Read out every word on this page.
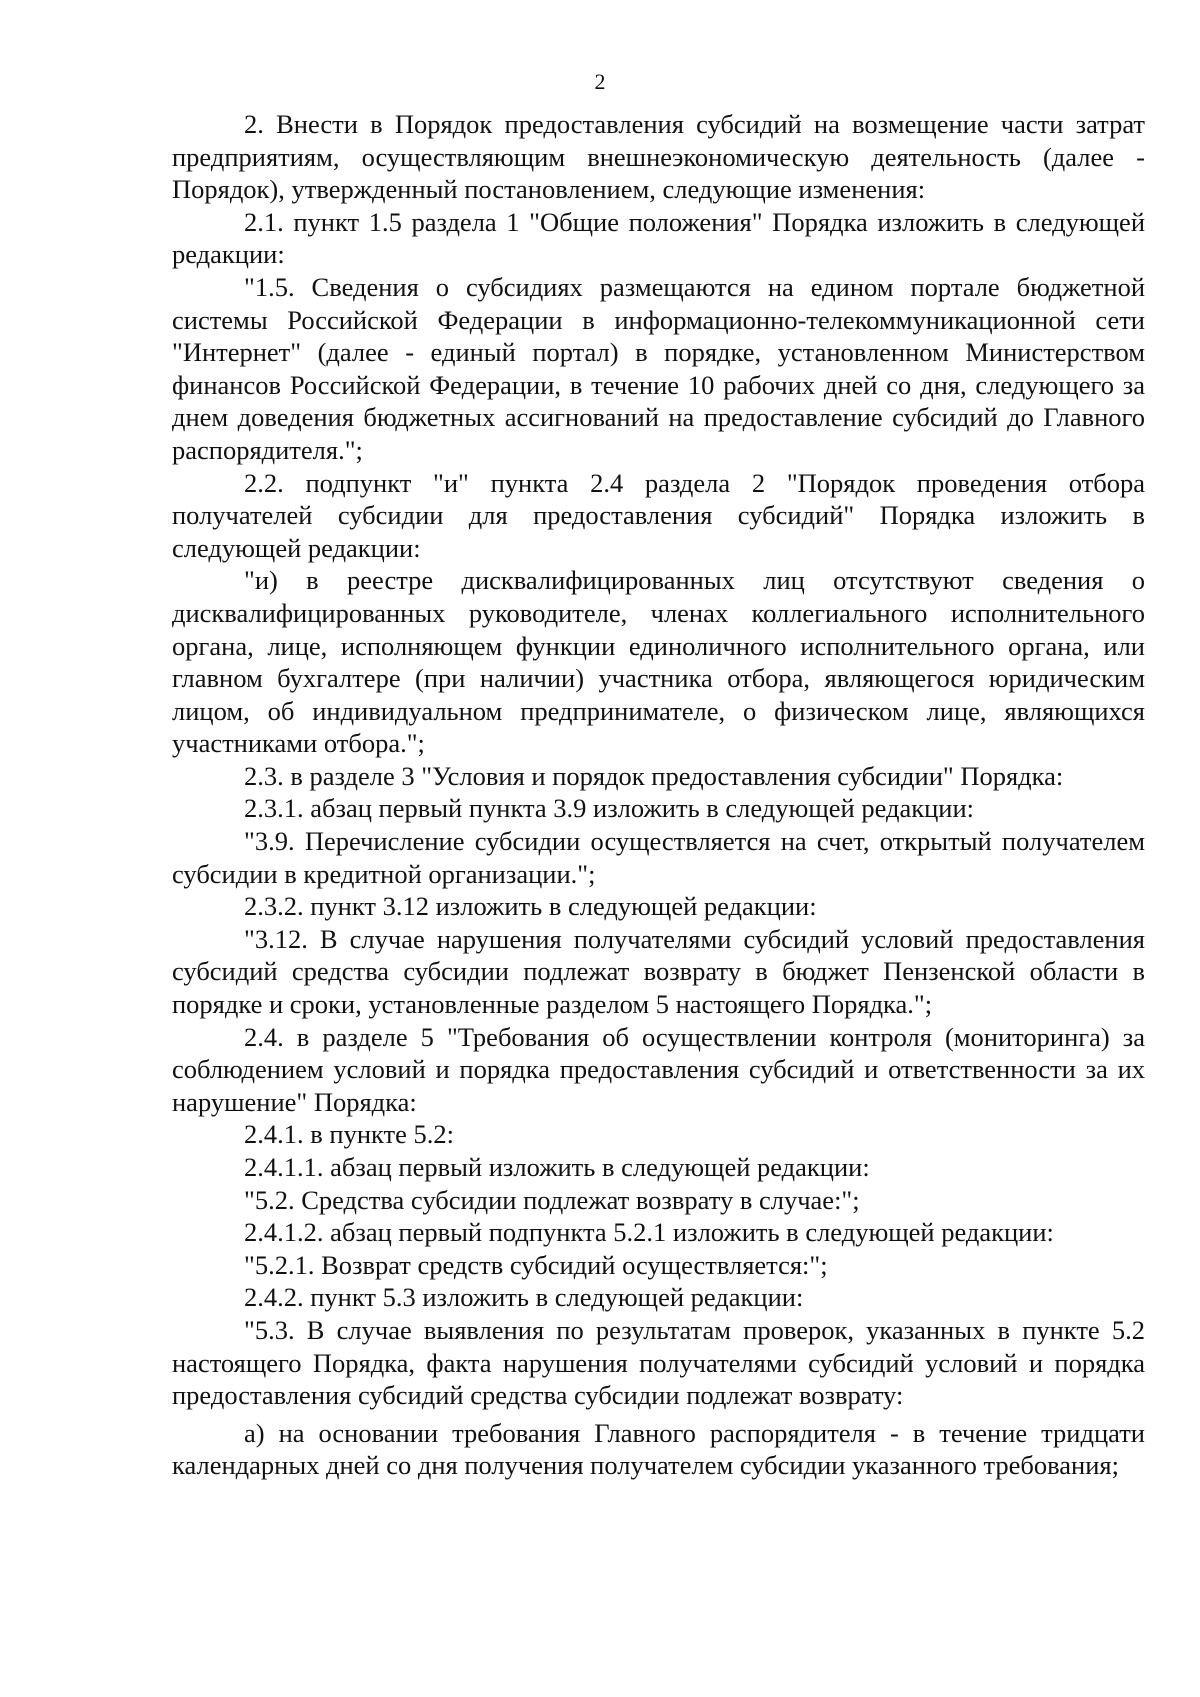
2

2. Внести в Порядок предоставления субсидий на возмещение части затрат предприятиям, осуществляющим внешнеэкономическую деятельность (далее - Порядок), утвержденный постановлением, следующие изменения:

2.1. пункт 1.5 раздела 1 "Общие положения" Порядка изложить в следующей редакции:

"1.5. Сведения о субсидиях размещаются на едином портале бюджетной системы Российской Федерации в информационно-телекоммуникационной сети "Интернет" (далее - единый портал) в порядке, установленном Министерством финансов Российской Федерации, в течение 10 рабочих дней со дня, следующего за днем доведения бюджетных ассигнований на предоставление субсидий до Главного распорядителя.";

2.2. подпункт "и" пункта 2.4 раздела 2 "Порядок проведения отбора получателей субсидии для предоставления субсидий" Порядка изложить в следующей редакции:

"и) в реестре дисквалифицированных лиц отсутствуют сведения о дисквалифицированных руководителе, членах коллегиального исполнительного органа, лице, исполняющем функции единоличного исполнительного органа, или главном бухгалтере (при наличии) участника отбора, являющегося юридическим лицом, об индивидуальном предпринимателе, о физическом лице, являющихся участниками отбора.";

2.3. в разделе 3 "Условия и порядок предоставления субсидии" Порядка:

2.3.1. абзац первый пункта 3.9 изложить в следующей редакции:

"3.9. Перечисление субсидии осуществляется на счет, открытый получателем субсидии в кредитной организации.";

2.3.2. пункт 3.12 изложить в следующей редакции:

"3.12. В случае нарушения получателями субсидий условий предоставления субсидий средства субсидии подлежат возврату в бюджет Пензенской области в порядке и сроки, установленные разделом 5 настоящего Порядка.";

2.4. в разделе 5 "Требования об осуществлении контроля (мониторинга) за соблюдением условий и порядка предоставления субсидий и ответственности за их нарушение" Порядка:

2.4.1. в пункте 5.2:

2.4.1.1. абзац первый изложить в следующей редакции:

"5.2. Средства субсидии подлежат возврату в случае:";

2.4.1.2. абзац первый подпункта 5.2.1 изложить в следующей редакции:

"5.2.1. Возврат средств субсидий осуществляется:";

2.4.2. пункт 5.3 изложить в следующей редакции:

"5.3. В случае выявления по результатам проверок, указанных в пункте 5.2 настоящего Порядка, факта нарушения получателями субсидий условий и порядка предоставления субсидий средства субсидии подлежат возврату:

а) на основании требования Главного распорядителя - в течение тридцати календарных дней со дня получения получателем субсидии указанного требования;
